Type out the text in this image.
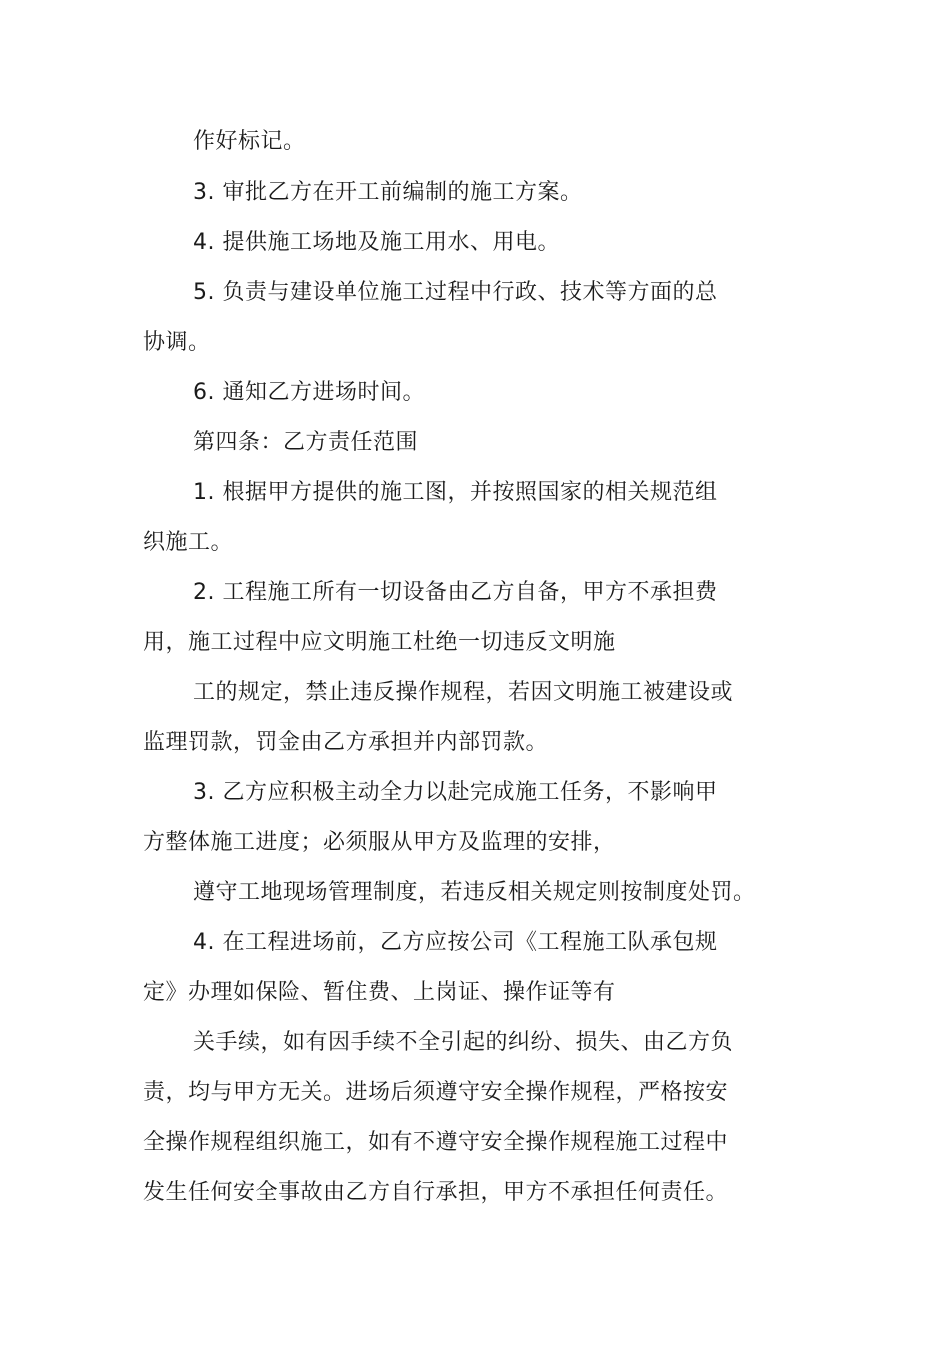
作好标记。
3. 审批乙方在开工前编制的施工方案。
4. 提供施工场地及施工用水、用电。
5. 负责与建设单位施工过程中行政、技术等方面的总
协调。
6. 通知乙方进场时间。
第四条：乙方责任范围
1. 根据甲方提供的施工图，并按照国家的相关规范组
织施工。
2. 工程施工所有一切设备由乙方自备，甲方不承担费
用，施工过程中应文明施工杜绝一切违反文明施
工的规定，禁止违反操作规程，若因文明施工被建设或
监理罚款，罚金由乙方承担并内部罚款。
3. 乙方应积极主动全力以赴完成施工任务，不影响甲
方整体施工进度；必须服从甲方及监理的安排，
遵守工地现场管理制度，若违反相关规定则按制度处罚。
4. 在工程进场前，乙方应按公司《工程施工队承包规
定》办理如保险、暂住费、上岗证、操作证等有
关手续，如有因手续不全引起的纠纷、损失、由乙方负
责，均与甲方无关。进场后须遵守安全操作规程，严格按安
全操作规程组织施工，如有不遵守安全操作规程施工过程中
发生任何安全事故由乙方自行承担，甲方不承担任何责任。
